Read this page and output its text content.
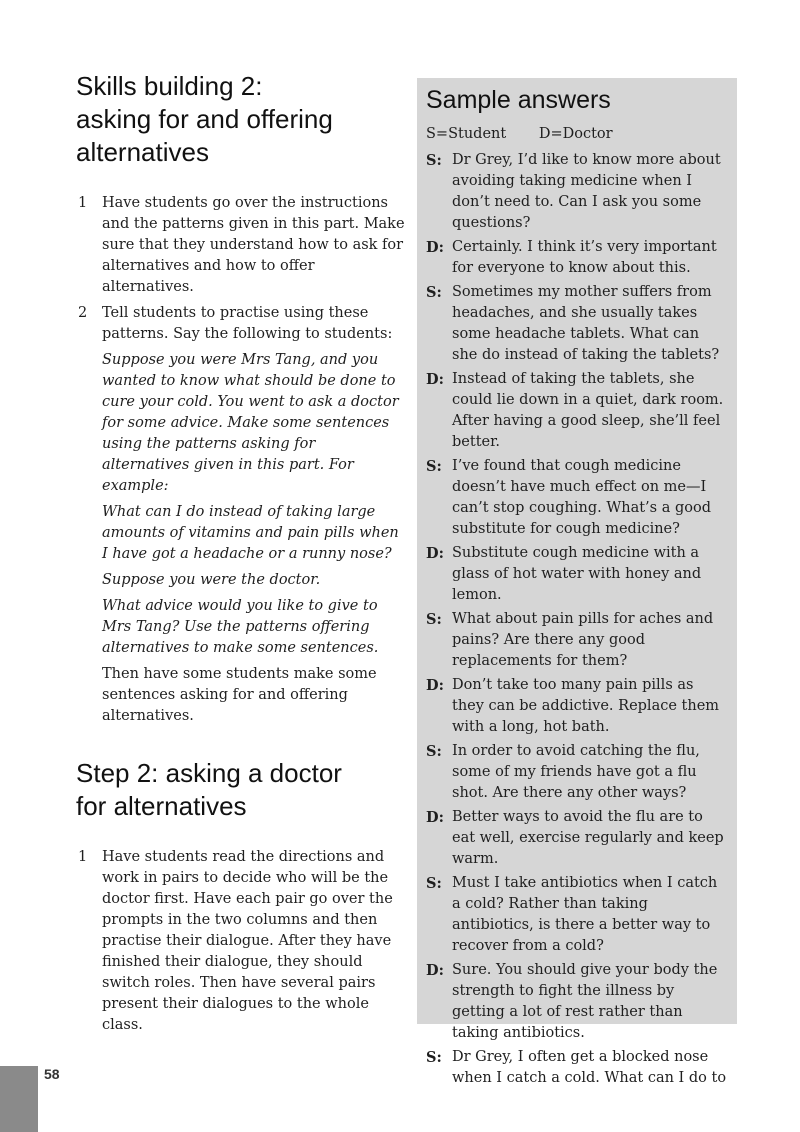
Skills building 2:
asking for and offering
alternatives
1 Have students go over the instructions and the patterns given in this part. Make sure that they understand how to ask for alternatives and how to offer alternatives.

2 Tell students to practise using these patterns. Say the following to students:

Suppose you were Mrs Tang, and you wanted to know what should be done to cure your cold. You went to ask a doctor for some advice. Make some sentences using the patterns asking for alternatives given in this part. For example:

What can I do instead of taking large amounts of vitamins and pain pills when I have got a headache or a runny nose?

Suppose you were the doctor.

What advice would you like to give to Mrs Tang? Use the patterns offering alternatives to make some sentences.

Then have some students make some sentences asking for and offering alternatives.

Step 2: asking a doctor
for alternatives
1 Have students read the directions and work in pairs to decide who will be the doctor first. Have each pair go over the prompts in the two columns and then practise their dialogue. After they have finished their dialogue, they should switch roles. Then have several pairs present their dialogues to the whole class.

Sample answers
S=Student D=Doctor
S: Dr Grey, I’d like to know more about avoiding taking medicine when I don’t need to. Can I ask you some questions?
D: Certainly. I think it’s very important for everyone to know about this.
S: Sometimes my mother suffers from headaches, and she usually takes some headache tablets. What can she do instead of taking the tablets?
D: Instead of taking the tablets, she could lie down in a quiet, dark room. After having a good sleep, she’ll feel better.
S: I’ve found that cough medicine doesn’t have much effect on me—I can’t stop coughing. What’s a good substitute for cough medicine?
D: Substitute cough medicine with a glass of hot water with honey and lemon.
S: What about pain pills for aches and pains? Are there any good replacements for them?
D: Don’t take too many pain pills as they can be addictive. Replace them with a long, hot bath.
S: In order to avoid catching the flu, some of my friends have got a flu shot. Are there any other ways?
D: Better ways to avoid the flu are to eat well, exercise regularly and keep warm.
S: Must I take antibiotics when I catch a cold? Rather than taking antibiotics, is there a better way to recover from a cold?
D: Sure. You should give your body the strength to fight the illness by getting a lot of rest rather than taking antibiotics.
S: Dr Grey, I often get a blocked nose when I catch a cold. What can I do to
58
